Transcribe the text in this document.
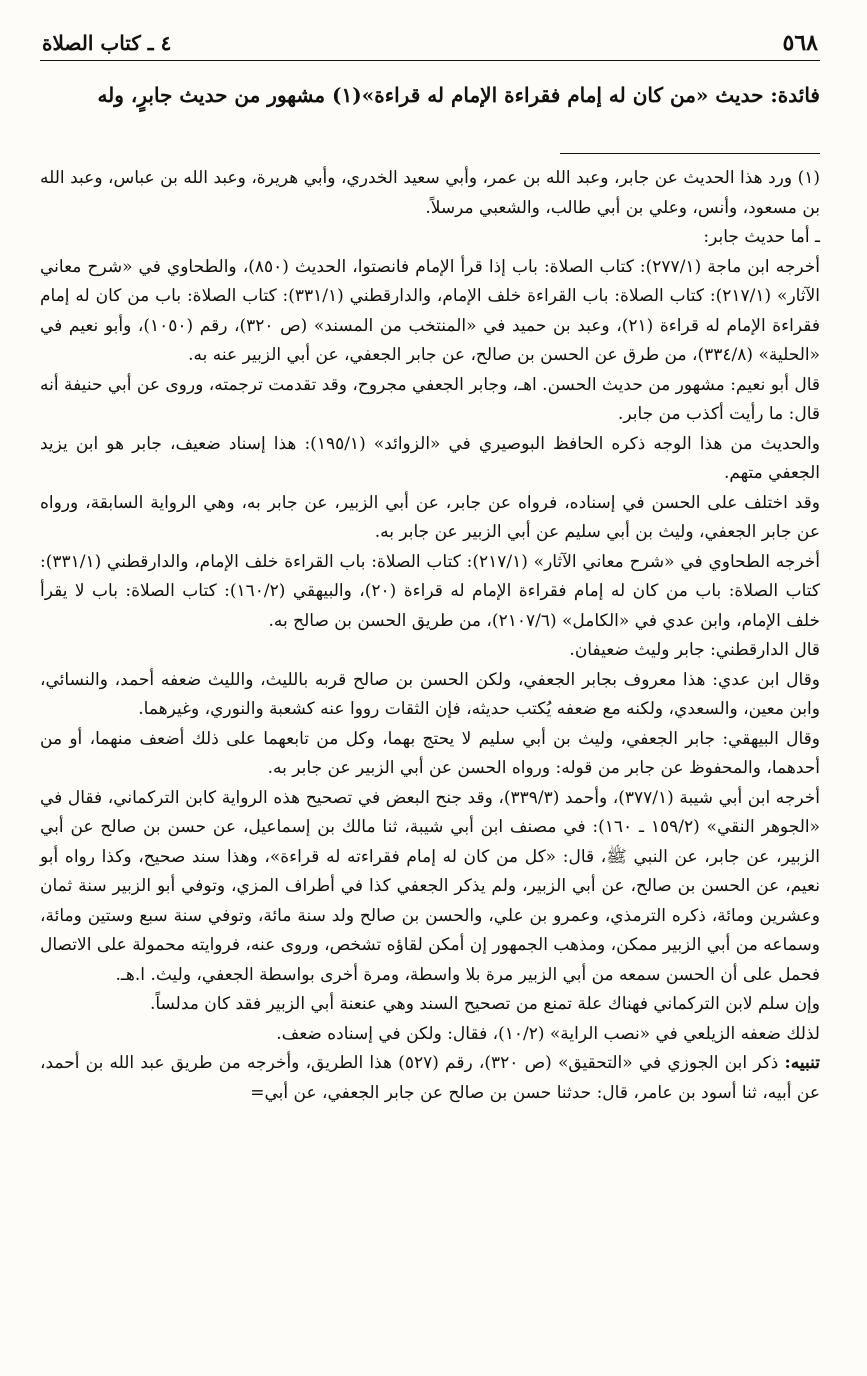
٥٦٨
٤ ـ كتاب الصلاة
فائدة: حديث «من كان له إمام فقراءة الإمام له قراءة»(١) مشهور من حديث جابرٍ، وله

(١) ورد هذا الحديث عن جابر، وعبد الله بن عمر، وأبي سعيد الخدري، وأبي هريرة، وعبد الله بن عباس، وعبد الله بن مسعود، وأنس، وعلي بن أبي طالب، والشعبي مرسلاً.

ـ أما حديث جابر:

أخرجه ابن ماجة (٢٧٧/١): كتاب الصلاة: باب إذا قرأ الإمام فانصتوا، الحديث (٨٥٠)، والطحاوي في «شرح معاني الآثار» (٢١٧/١): كتاب الصلاة: باب القراءة خلف الإمام، والدارقطني (٣٣١/١): كتاب الصلاة: باب من كان له إمام فقراءة الإمام له قراءة (٢١)، وعبد بن حميد في «المنتخب من المسند» (ص ٣٢٠)، رقم (١٠٥٠)، وأبو نعيم في «الحلية» (٣٣٤/٨)، من طرق عن الحسن بن صالح، عن جابر الجعفي، عن أبي الزبير عنه به.

قال أبو نعيم: مشهور من حديث الحسن. اهـ، وجابر الجعفي مجروح، وقد تقدمت ترجمته، وروى عن أبي حنيفة أنه قال: ما رأيت أكذب من جابر.

والحديث من هذا الوجه ذكره الحافظ البوصيري في «الزوائد» (١٩٥/١): هذا إسناد ضعيف، جابر هو ابن يزيد الجعفي متهم.

وقد اختلف على الحسن في إسناده، فرواه عن جابر، عن أبي الزبير، عن جابر به، وهي الرواية السابقة، ورواه عن جابر الجعفي، وليث بن أبي سليم عن أبي الزبير عن جابر به.

أخرجه الطحاوي في «شرح معاني الآثار» (٢١٧/١): كتاب الصلاة: باب القراءة خلف الإمام، والدارقطني (٣٣١/١): كتاب الصلاة: باب من كان له إمام فقراءة الإمام له قراءة (٢٠)، والبيهقي (١٦٠/٢): كتاب الصلاة: باب لا يقرأ خلف الإمام، وابن عدي في «الكامل» (٢١٠٧/٦)، من طريق الحسن بن صالح به.

قال الدارقطني: جابر وليث ضعيفان.

وقال ابن عدي: هذا معروف بجابر الجعفي، ولكن الحسن بن صالح قربه بالليث، والليث ضعفه أحمد، والنسائي، وابن معين، والسعدي، ولكنه مع ضعفه يُكتب حديثه، فإن الثقات رووا عنه كشعبة والنوري، وغيرهما.

وقال البيهقي: جابر الجعفي، وليث بن أبي سليم لا يحتج بهما، وكل من تابعهما على ذلك أضعف منهما، أو من أحدهما، والمحفوظ عن جابر من قوله: ورواه الحسن عن أبي الزبير عن جابر به.

أخرجه ابن أبي شيبة (٣٧٧/١)، وأحمد (٣٣٩/٣)، وقد جنح البعض في تصحيح هذه الرواية كابن التركماني، فقال في «الجوهر النقي» (١٥٩/٢ ـ ١٦٠): في مصنف ابن أبي شيبة، ثنا مالك بن إسماعيل، عن حسن بن صالح عن أبي الزبير، عن جابر، عن النبي ﷺ، قال: «كل من كان له إمام فقراءته له قراءة»، وهذا سند صحيح، وكذا رواه أبو نعيم، عن الحسن بن صالح، عن أبي الزبير، ولم يذكر الجعفي كذا في أطراف المزي، وتوفي أبو الزبير سنة ثمان وعشرين ومائة، ذكره الترمذي، وعمرو بن علي، والحسن بن صالح ولد سنة مائة، وتوفي سنة سبع وستين ومائة، وسماعه من أبي الزبير ممكن، ومذهب الجمهور إن أمكن لقاؤه تشخص، وروى عنه، فروايته محمولة على الاتصال فحمل على أن الحسن سمعه من أبي الزبير مرة بلا واسطة، ومرة أخرى بواسطة الجعفي، وليث. ا.هـ.

وإن سلم لابن التركماني فهناك علة تمنع من تصحيح السند وهي عنعنة أبي الزبير فقد كان مدلساً.

لذلك ضعفه الزيلعي في «نصب الراية» (١٠/٢)، فقال: ولكن في إسناده ضعف.

تنبيه: ذكر ابن الجوزي في «التحقيق» (ص ٣٢٠)، رقم (٥٢٧) هذا الطريق، وأخرجه من طريق عبد الله بن أحمد، عن أبيه، ثنا أسود بن عامر، قال: حدثنا حسن بن صالح عن جابر الجعفي، عن أبي=
